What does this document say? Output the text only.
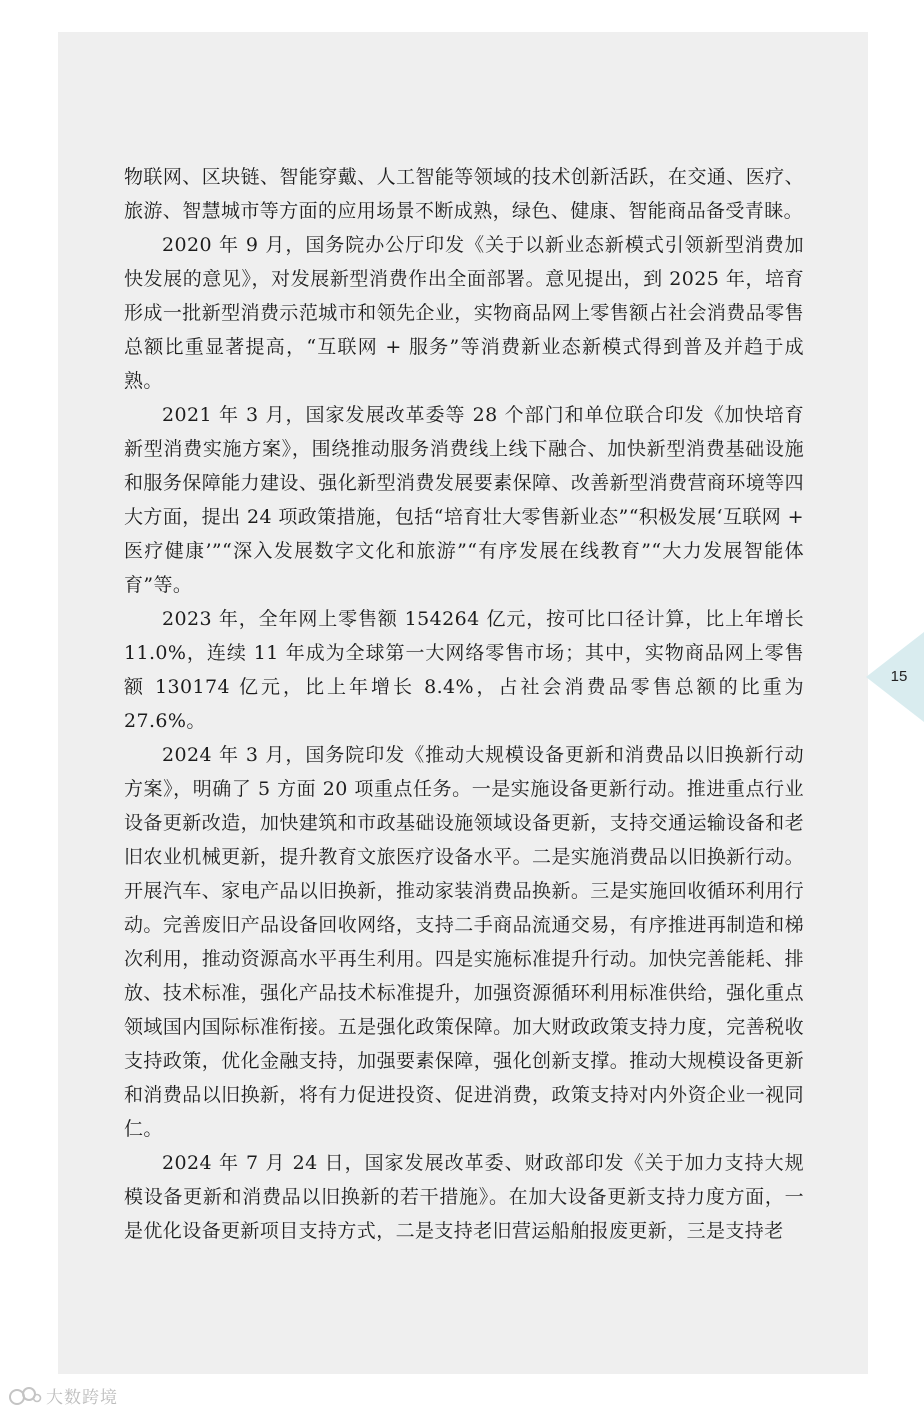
物联网、区块链、智能穿戴、人工智能等领域的技术创新活跃，在交通、医疗、旅游、智慧城市等方面的应用场景不断成熟，绿色、健康、智能商品备受青睐。

2020 年 9 月，国务院办公厅印发《关于以新业态新模式引领新型消费加快发展的意见》，对发展新型消费作出全面部署。意见提出，到 2025 年，培育形成一批新型消费示范城市和领先企业，实物商品网上零售额占社会消费品零售总额比重显著提高，“互联网 + 服务”等消费新业态新模式得到普及并趋于成熟。

2021 年 3 月，国家发展改革委等 28 个部门和单位联合印发《加快培育新型消费实施方案》，围绕推动服务消费线上线下融合、加快新型消费基础设施和服务保障能力建设、强化新型消费发展要素保障、改善新型消费营商环境等四大方面，提出 24 项政策措施，包括“培育壮大零售新业态”“积极发展‘互联网 + 医疗健康’”“深入发展数字文化和旅游”“有序发展在线教育”“大力发展智能体育”等。

2023 年，全年网上零售额 154264 亿元，按可比口径计算，比上年增长 11.0%，连续 11 年成为全球第一大网络零售市场；其中，实物商品网上零售额 130174 亿元，比上年增长 8.4%，占社会消费品零售总额的比重为 27.6%。

2024 年 3 月，国务院印发《推动大规模设备更新和消费品以旧换新行动方案》，明确了 5 方面 20 项重点任务。一是实施设备更新行动。推进重点行业设备更新改造，加快建筑和市政基础设施领域设备更新，支持交通运输设备和老旧农业机械更新，提升教育文旅医疗设备水平。二是实施消费品以旧换新行动。开展汽车、家电产品以旧换新，推动家装消费品换新。三是实施回收循环利用行动。完善废旧产品设备回收网络，支持二手商品流通交易，有序推进再制造和梯次利用，推动资源高水平再生利用。四是实施标准提升行动。加快完善能耗、排放、技术标准，强化产品技术标准提升，加强资源循环利用标准供给，强化重点领域国内国际标准衔接。五是强化政策保障。加大财政政策支持力度，完善税收支持政策，优化金融支持，加强要素保障，强化创新支撑。推动大规模设备更新和消费品以旧换新，将有力促进投资、促进消费，政策支持对内外资企业一视同仁。

2024 年 7 月 24 日，国家发展改革委、财政部印发《关于加力支持大规模设备更新和消费品以旧换新的若干措施》。在加大设备更新支持力度方面，一是优化设备更新项目支持方式，二是支持老旧营运船舶报废更新，三是支持老

15
大数跨境
